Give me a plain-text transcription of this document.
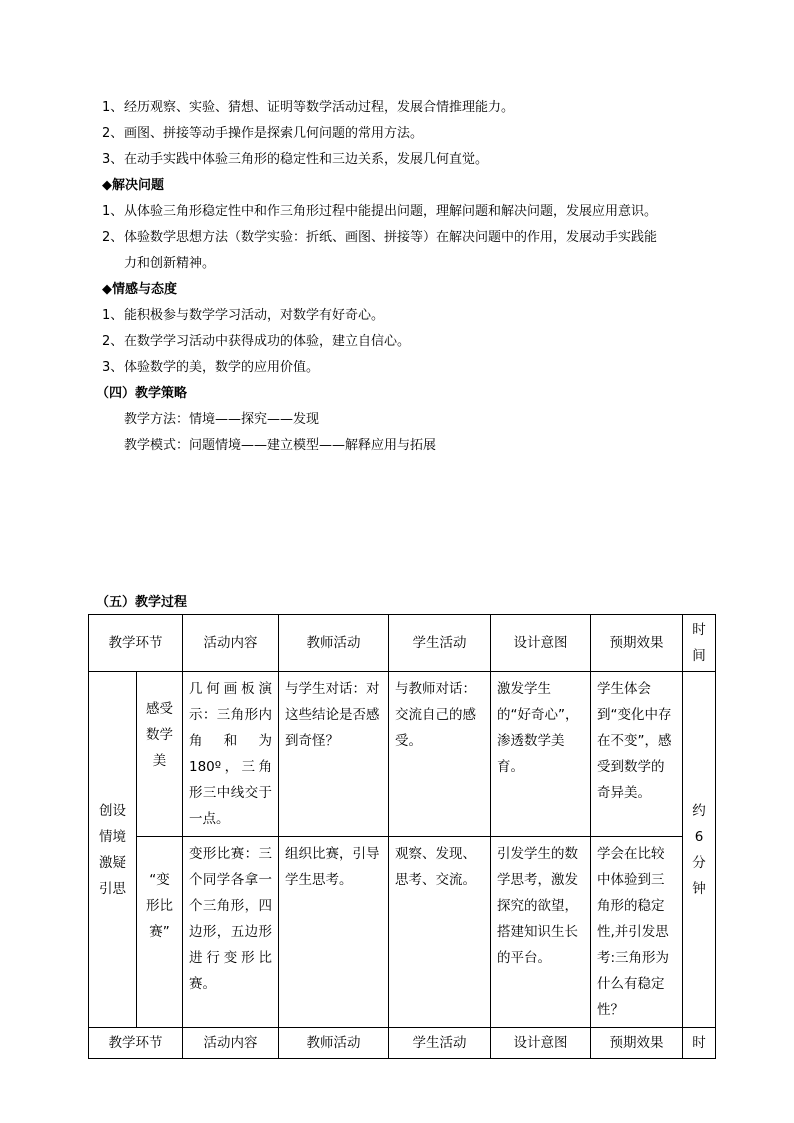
1、经历观察、实验、猜想、证明等数学活动过程，发展合情推理能力。
2、画图、拼接等动手操作是探索几何问题的常用方法。
3、在动手实践中体验三角形的稳定性和三边关系，发展几何直觉。
◆解决问题
1、从体验三角形稳定性中和作三角形过程中能提出问题，理解问题和解决问题，发展应用意识。
2、体验数学思想方法（数学实验：折纸、画图、拼接等）在解决问题中的作用，发展动手实践能
力和创新精神。
◆情感与态度
1、能积极参与数学学习活动，对数学有好奇心。
2、在数学学习活动中获得成功的体验，建立自信心。
3、体验数学的美，数学的应用价值。
（四）教学策略
教学方法：情境——探究——发现
教学模式：问题情境——建立模型——解释应用与拓展
（五）教学过程
教学环节		活动内容	教师活动	学生活动	设计意图	预期效果	时间
创设情境激疑引思	感受数学美	几何画板演示：三角形内角和为 180º，三角形三中线交于一点。	与学生对话：对这些结论是否感到奇怪？	与教师对话：交流自己的感受。	激发学生的“好奇心”，渗透数学美育。	学生体会到“变化中存在不变”，感受到数学的奇异美。	约6分钟
	“变形比赛”	变形比赛：三个同学各拿一个三角形，四边形，五边形进行变形比赛。	组织比赛，引导学生思考。	观察、发现、思考、交流。	引发学生的数学思考，激发探究的欲望，搭建知识生长的平台。	学会在比较中体验到三角形的稳定性,并引发思考:三角形为什么有稳定性？	
教学环节		活动内容	教师活动	学生活动	设计意图	预期效果	时
